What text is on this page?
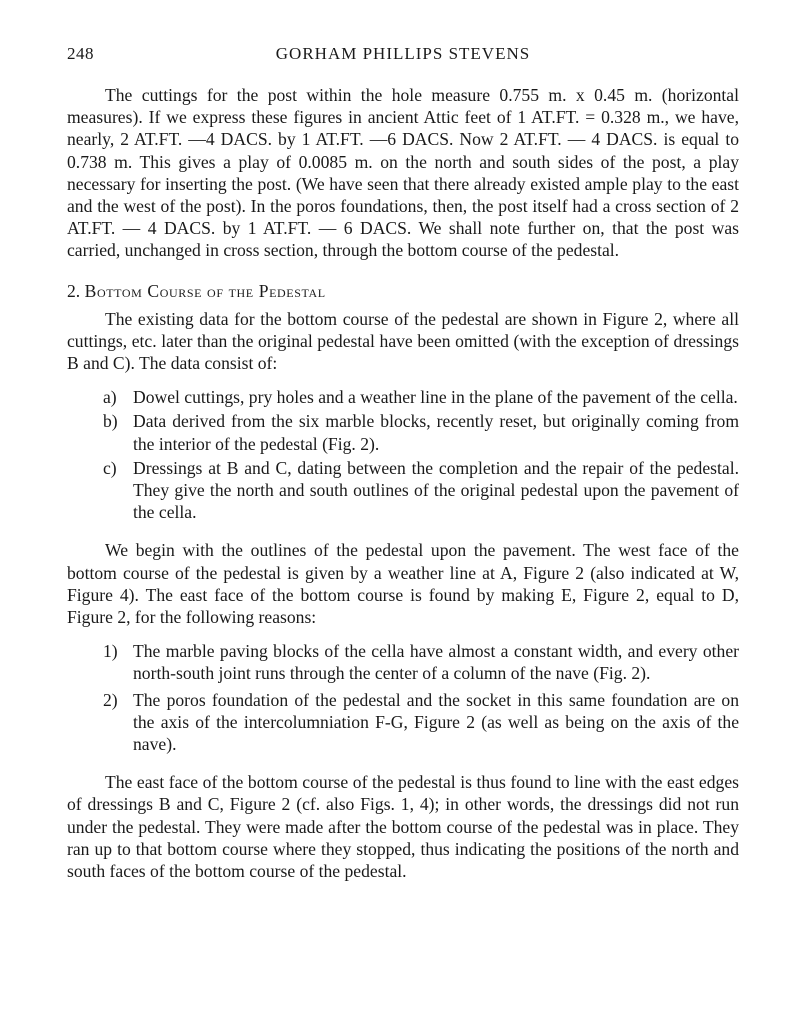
248	GORHAM PHILLIPS STEVENS

The cuttings for the post within the hole measure 0.755 m. x 0.45 m. (horizontal measures). If we express these figures in ancient Attic feet of 1 AT.FT. = 0.328 m., we have, nearly, 2 AT.FT. —4 DACS. by 1 AT.FT. —6 DACS. Now 2 AT.FT. — 4 DACS. is equal to 0.738 m. This gives a play of 0.0085 m. on the north and south sides of the post, a play necessary for inserting the post. (We have seen that there already existed ample play to the east and the west of the post). In the poros foundations, then, the post itself had a cross section of 2 AT.FT. — 4 DACS. by 1 AT.FT. — 6 DACS. We shall note further on, that the post was carried, unchanged in cross section, through the bottom course of the pedestal.

2. Bottom Course of the Pedestal

The existing data for the bottom course of the pedestal are shown in Figure 2, where all cuttings, etc. later than the original pedestal have been omitted (with the exception of dressings B and C). The data consist of:

a) Dowel cuttings, pry holes and a weather line in the plane of the pavement of the cella.
b) Data derived from the six marble blocks, recently reset, but originally coming from the interior of the pedestal (Fig. 2).
c) Dressings at B and C, dating between the completion and the repair of the pedestal. They give the north and south outlines of the original pedestal upon the pavement of the cella.

We begin with the outlines of the pedestal upon the pavement. The west face of the bottom course of the pedestal is given by a weather line at A, Figure 2 (also indicated at W, Figure 4). The east face of the bottom course is found by making E, Figure 2, equal to D, Figure 2, for the following reasons:

1) The marble paving blocks of the cella have almost a constant width, and every other north-south joint runs through the center of a column of the nave (Fig. 2).
2) The poros foundation of the pedestal and the socket in this same foundation are on the axis of the intercolumniation F-G, Figure 2 (as well as being on the axis of the nave).

The east face of the bottom course of the pedestal is thus found to line with the east edges of dressings B and C, Figure 2 (cf. also Figs. 1, 4); in other words, the dressings did not run under the pedestal. They were made after the bottom course of the pedestal was in place. They ran up to that bottom course where they stopped, thus indicating the positions of the north and south faces of the bottom course of the pedestal.
